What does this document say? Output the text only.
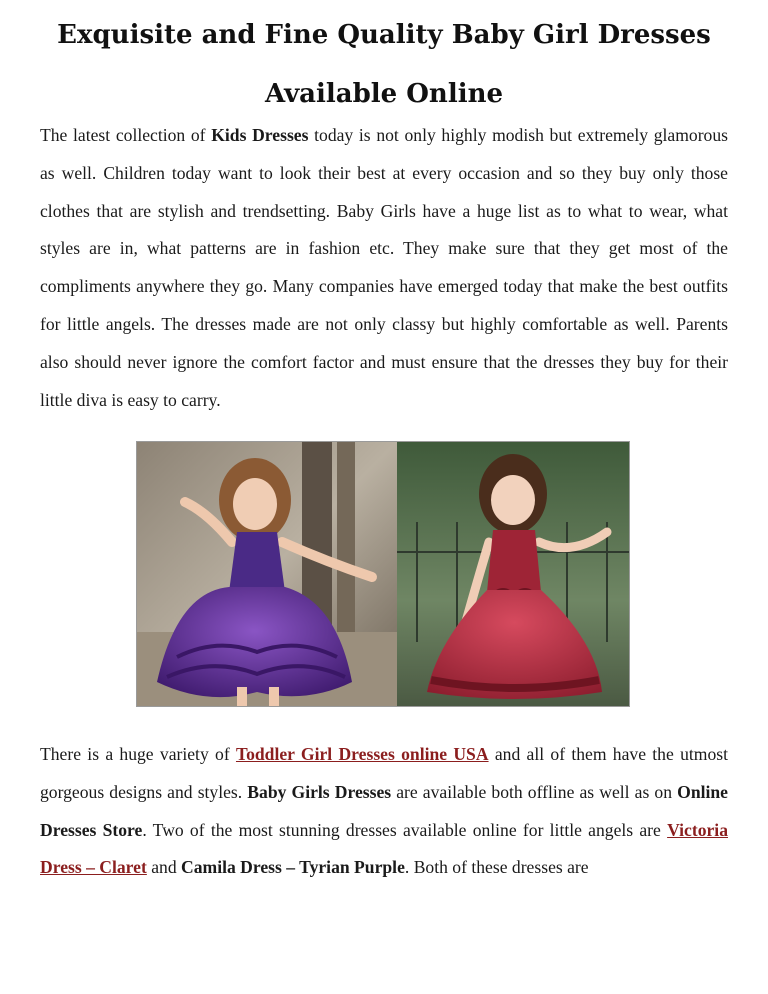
Exquisite and Fine Quality Baby Girl Dresses Available Online

The latest collection of Kids Dresses today is not only highly modish but extremely glamorous as well. Children today want to look their best at every occasion and so they buy only those clothes that are stylish and trendsetting. Baby Girls have a huge list as to what to wear, what styles are in, what patterns are in fashion etc. They make sure that they get most of the compliments anywhere they go. Many companies have emerged today that make the best outfits for little angels. The dresses made are not only classy but highly comfortable as well. Parents also should never ignore the comfort factor and must ensure that the dresses they buy for their little diva is easy to carry.

There is a huge variety of Toddler Girl Dresses online USA and all of them have the utmost gorgeous designs and styles. Baby Girls Dresses are available both offline as well as on Online Dresses Store. Two of the most stunning dresses available online for little angels are Victoria Dress – Claret and Camila Dress – Tyrian Purple. Both of these dresses are
